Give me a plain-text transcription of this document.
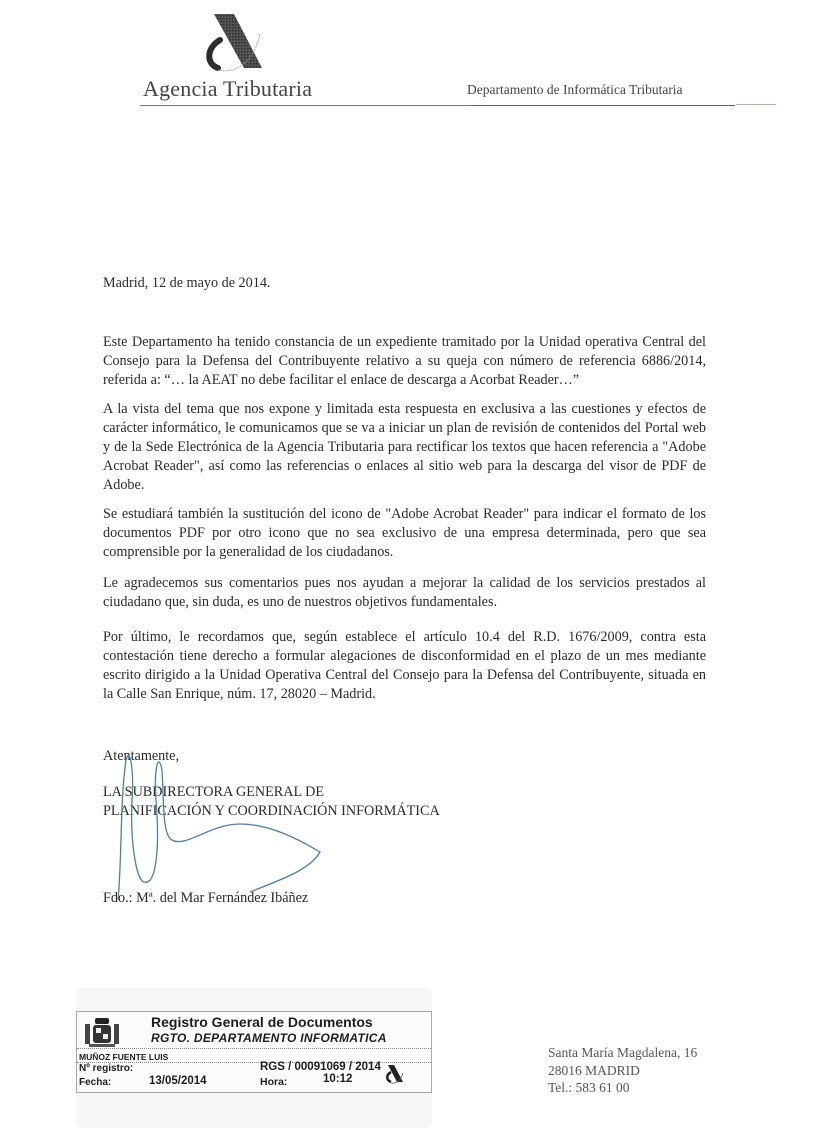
Agencia Tributaria	Departamento de Informática Tributaria
Madrid, 12 de mayo de 2014.
Este Departamento ha tenido constancia de un expediente tramitado por la Unidad operativa Central del Consejo para la Defensa del Contribuyente relativo a su queja con número de referencia 6886/2014, referida a: “… la AEAT no debe facilitar el enlace de descarga a Acorbat Reader…”
A la vista del tema que nos expone y limitada esta respuesta en exclusiva a las cuestiones y efectos de carácter informático, le comunicamos que se va a iniciar un plan de revisión de contenidos del Portal web y de la Sede Electrónica de la Agencia Tributaria para rectificar los textos que hacen referencia a "Adobe Acrobat Reader", así como las referencias o enlaces al sitio web para la descarga del visor de PDF de Adobe.
Se estudiará también la sustitución del icono de "Adobe Acrobat Reader" para indicar el formato de los documentos PDF por otro icono que no sea exclusivo de una empresa determinada, pero que sea comprensible por la generalidad de los ciudadanos.
Le agradecemos sus comentarios pues nos ayudan a mejorar la calidad de los servicios prestados al ciudadano que, sin duda, es uno de nuestros objetivos fundamentales.
Por último, le recordamos que, según establece el artículo 10.4 del R.D. 1676/2009, contra esta contestación tiene derecho a formular alegaciones de disconformidad en el plazo de un mes mediante escrito dirigido a la Unidad Operativa Central del Consejo para la Defensa del Contribuyente, situada en la Calle San Enrique, núm. 17, 28020 – Madrid.
Atentamente,
LA SUBDIRECTORA GENERAL DE
PLANIFICACIÓN Y COORDINACIÓN INFORMÁTICA
Fdo.: Mª. del Mar Fernández Ibáñez
Registro General de Documentos
RGTO. DEPARTAMENTO INFORMATICA
MUÑOZ FUENTE LUIS
Nº registro:	RGS / 00091069 / 2014
Fecha:	13/05/2014	Hora:	10:12
Santa María Magdalena, 16
28016 MADRID
Tel.: 583 61 00
